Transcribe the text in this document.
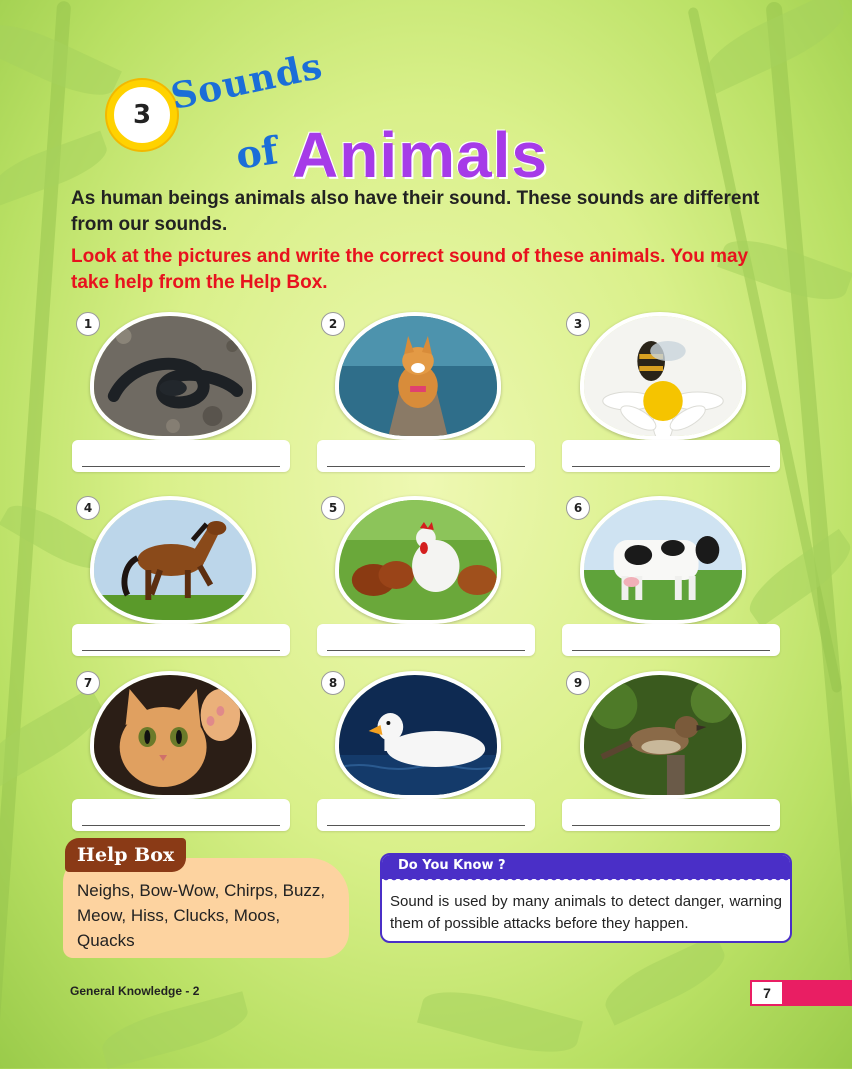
3 Sounds
of Animals
As human beings animals also have their sound. These sounds are different from our sounds.
Look at the pictures and write the correct sound of these animals. You may take help from the Help Box.
1	2	3
4	5	6
7	8	9
Neighs, Bow-Wow, Chirps, Buzz, Meow, Hiss, Clucks, Moos, Quacks
Help Box	Do You Know ?
Sound is used by many animals to detect danger, warning them of possible attacks before they happen.
General Knowledge - 2	7
